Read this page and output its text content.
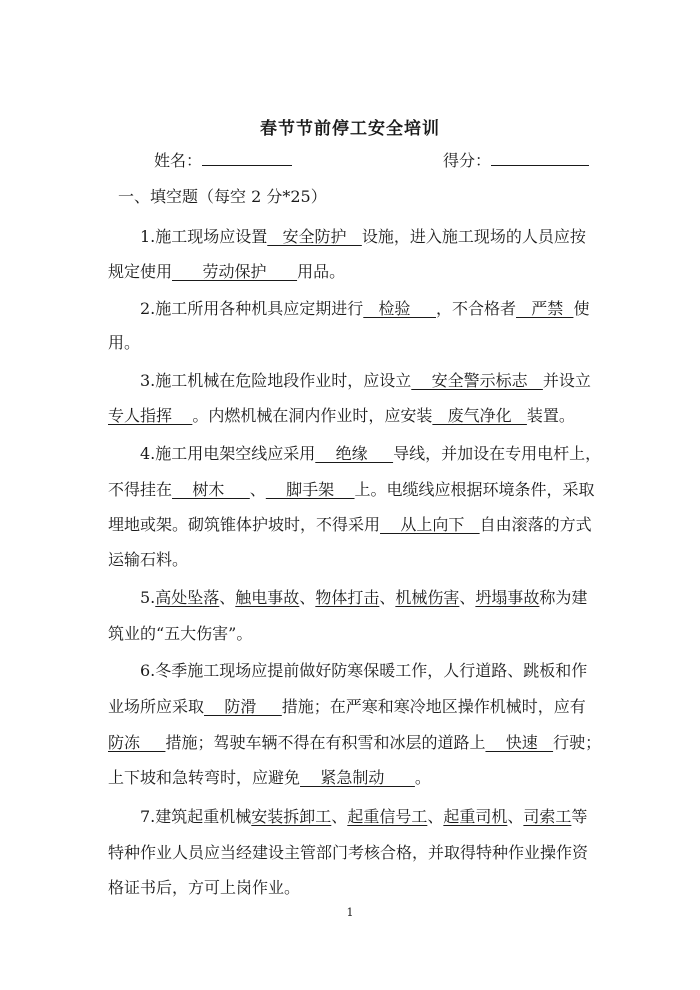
春节节前停工安全培训
姓名：	得分：
一、填空题（每空 2 分*25）
1.施工现场应设置   安全防护   设施，进入施工现场的人员应按
规定使用      劳动保护      用品。
2.施工所用各种机具应定期进行   检验     ，不合格者   严禁  使
用。
3.施工机械在危险地段作业时，应设立    安全警示标志   并设立
专人指挥    。内燃机械在洞内作业时，应安装   废气净化   装置。
4.施工用电架空线应采用    绝缘     导线，并加设在专用电杆上，
不得挂在    树木     、    脚手架    上。电缆线应根据环境条件，采取
埋地或架。砌筑锥体护坡时，不得采用    从上向下   自由滚落的方式
运输石料。
5.高处坠落、触电事故、物体打击、机械伤害、坍塌事故称为建
筑业的“五大伤害”。
6.冬季施工现场应提前做好防寒保暖工作，人行道路、跳板和作
业场所应采取    防滑     措施；在严寒和寒冷地区操作机械时，应有
防冻     措施；驾驶车辆不得在有积雪和冰层的道路上    快速   行驶；
上下坡和急转弯时，应避免    紧急制动      。
7.建筑起重机械安装拆卸工、起重信号工、起重司机、司索工等
特种作业人员应当经建设主管部门考核合格，并取得特种作业操作资
格证书后，方可上岗作业。
1
